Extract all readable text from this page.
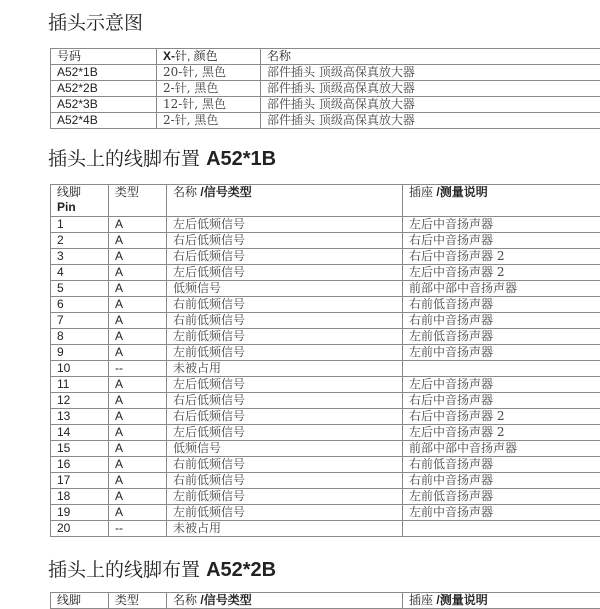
插头示意图
号码	X-针, 颜色	名称
A52*1B	20-针, 黑色	部件插头 顶级高保真放大器
A52*2B	2-针, 黑色	部件插头 顶级高保真放大器
A52*3B	12-针, 黑色	部件插头 顶级高保真放大器
A52*4B	2-针, 黑色	部件插头 顶级高保真放大器
插头上的线脚布置 A52*1B
线脚
Pin	类型	名称 /信号类型	插座 /测量说明
1	A	左后低频信号	左后中音扬声器
2	A	右后低频信号	右后中音扬声器
3	A	右后低频信号	右后中音扬声器 2
4	A	左后低频信号	左后中音扬声器 2
5	A	低频信号	前部中部中音扬声器
6	A	右前低频信号	右前低音扬声器
7	A	右前低频信号	右前中音扬声器
8	A	左前低频信号	左前低音扬声器
9	A	左前低频信号	左前中音扬声器
10	--	未被占用	
11	A	左后低频信号	左后中音扬声器
12	A	右后低频信号	右后中音扬声器
13	A	右后低频信号	右后中音扬声器 2
14	A	左后低频信号	左后中音扬声器 2
15	A	低频信号	前部中部中音扬声器
16	A	右前低频信号	右前低音扬声器
17	A	右前低频信号	右前中音扬声器
18	A	左前低频信号	左前低音扬声器
19	A	左前低频信号	左前中音扬声器
20	--	未被占用	
插头上的线脚布置 A52*2B
线脚	类型	名称 /信号类型	插座 /测量说明
